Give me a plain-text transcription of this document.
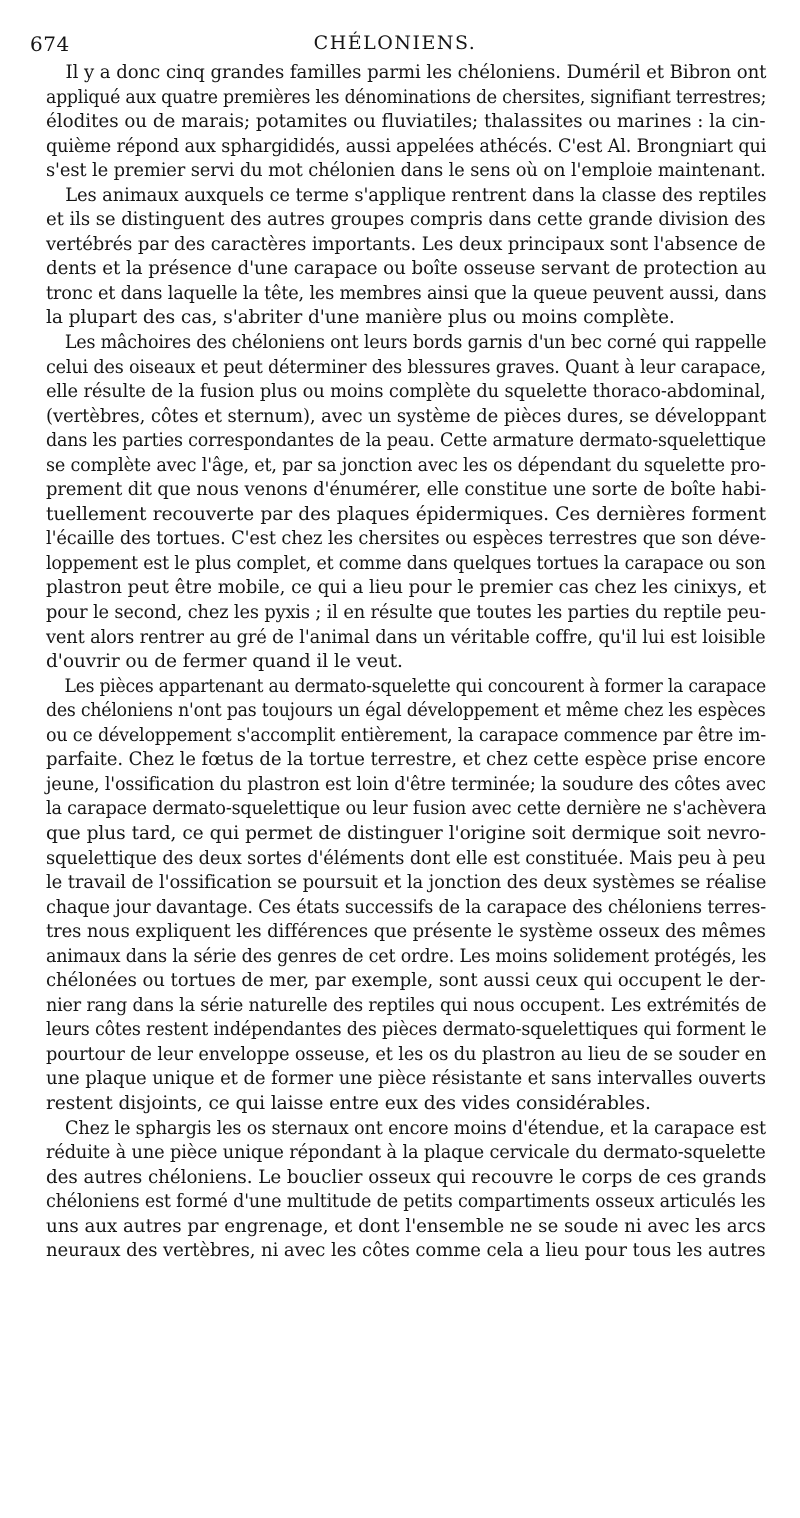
674	CHÉLONIENS.

Il y a donc cinq grandes familles parmi les chéloniens. Duméril et Bibron ont
appliqué aux quatre premières les dénominations de chersites, signifiant terrestres;
élodites ou de marais; potamites ou fluviatiles; thalassites ou marines : la cin-
quième répond aux sphargididés, aussi appelées athécés. C'est Al. Brongniart qui
s'est le premier servi du mot chélonien dans le sens où on l'emploie maintenant.

Les animaux auxquels ce terme s'applique rentrent dans la classe des reptiles
et ils se distinguent des autres groupes compris dans cette grande division des
vertébrés par des caractères importants. Les deux principaux sont l'absence de
dents et la présence d'une carapace ou boîte osseuse servant de protection au
tronc et dans laquelle la tête, les membres ainsi que la queue peuvent aussi, dans
la plupart des cas, s'abriter d'une manière plus ou moins complète.

Les mâchoires des chéloniens ont leurs bords garnis d'un bec corné qui rappelle
celui des oiseaux et peut déterminer des blessures graves. Quant à leur carapace,
elle résulte de la fusion plus ou moins complète du squelette thoraco-abdominal,
(vertèbres, côtes et sternum), avec un système de pièces dures, se développant
dans les parties correspondantes de la peau. Cette armature dermato-squelettique
se complète avec l'âge, et, par sa jonction avec les os dépendant du squelette pro-
prement dit que nous venons d'énumérer, elle constitue une sorte de boîte habi-
tuellement recouverte par des plaques épidermiques. Ces dernières forment
l'écaille des tortues. C'est chez les chersites ou espèces terrestres que son déve-
loppement est le plus complet, et comme dans quelques tortues la carapace ou son
plastron peut être mobile, ce qui a lieu pour le premier cas chez les cinixys, et
pour le second, chez les pyxis ; il en résulte que toutes les parties du reptile peu-
vent alors rentrer au gré de l'animal dans un véritable coffre, qu'il lui est loisible
d'ouvrir ou de fermer quand il le veut.

Les pièces appartenant au dermato-squelette qui concourent à former la carapace
des chéloniens n'ont pas toujours un égal développement et même chez les espèces
ou ce développement s'accomplit entièrement, la carapace commence par être im-
parfaite. Chez le fœtus de la tortue terrestre, et chez cette espèce prise encore
jeune, l'ossification du plastron est loin d'être terminée; la soudure des côtes avec
la carapace dermato-squelettique ou leur fusion avec cette dernière ne s'achèvera
que plus tard, ce qui permet de distinguer l'origine soit dermique soit nevro-
squelettique des deux sortes d'éléments dont elle est constituée. Mais peu à peu
le travail de l'ossification se poursuit et la jonction des deux systèmes se réalise
chaque jour davantage. Ces états successifs de la carapace des chéloniens terres-
tres nous expliquent les différences que présente le système osseux des mêmes
animaux dans la série des genres de cet ordre. Les moins solidement protégés, les
chélonées ou tortues de mer, par exemple, sont aussi ceux qui occupent le der-
nier rang dans la série naturelle des reptiles qui nous occupent. Les extrémités de
leurs côtes restent indépendantes des pièces dermato-squelettiques qui forment le
pourtour de leur enveloppe osseuse, et les os du plastron au lieu de se souder en
une plaque unique et de former une pièce résistante et sans intervalles ouverts
restent disjoints, ce qui laisse entre eux des vides considérables.

Chez le sphargis les os sternaux ont encore moins d'étendue, et la carapace est
réduite à une pièce unique répondant à la plaque cervicale du dermato-squelette
des autres chéloniens. Le bouclier osseux qui recouvre le corps de ces grands
chéloniens est formé d'une multitude de petits compartiments osseux articulés les
uns aux autres par engrenage, et dont l'ensemble ne se soude ni avec les arcs
neuraux des vertèbres, ni avec les côtes comme cela a lieu pour tous les autres
